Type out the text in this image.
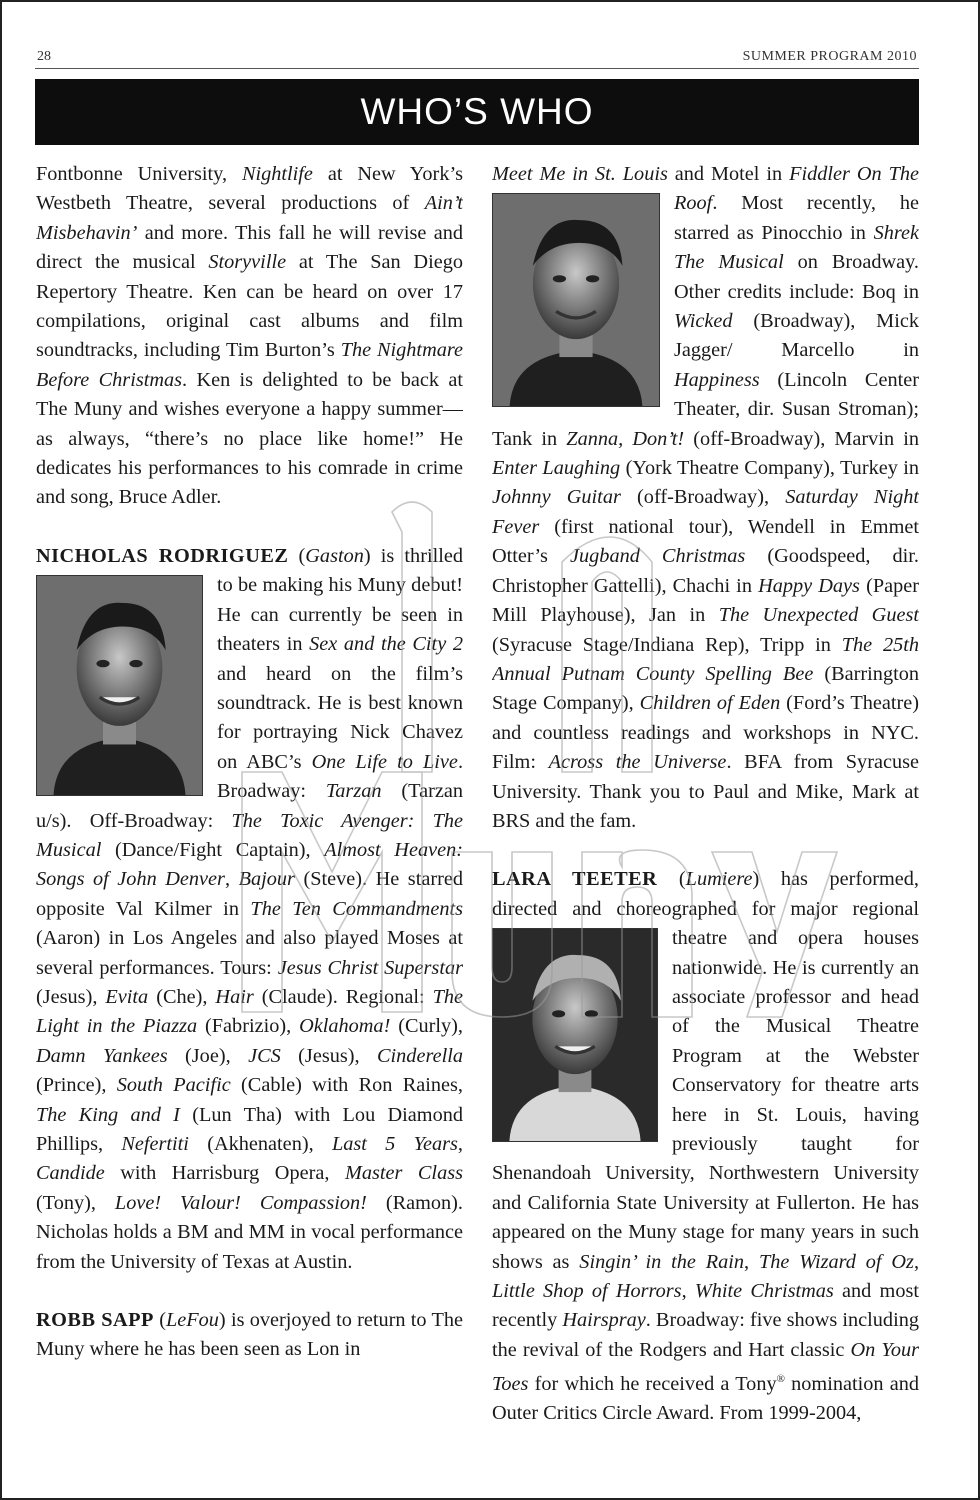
28	SUMMER PROGRAM 2010
WHO’S WHO

Fontbonne University, Nightlife at New York’s Westbeth Theatre, several productions of Ain’t Misbehavin’ and more. This fall he will revise and direct the musical Storyville at The San Diego Repertory Theatre. Ken can be heard on over 17 compilations, original cast albums and film soundtracks, including Tim Burton’s The Nightmare Before Christmas. Ken is delighted to be back at The Muny and wishes everyone a happy summer—as always, “there’s no place like home!” He dedicates his performances to his comrade in crime and song, Bruce Adler.

NICHOLAS RODRIGUEZ (Gaston) is thrilled to be making his Muny debut!
He can currently be seen in theaters in Sex and the City 2 and heard on the film’s soundtrack. He is best known for portraying Nick Chavez on ABC’s One Life to Live. Broadway: Tarzan (Tarzan u/s). Off-Broadway: The Toxic Avenger: The Musical (Dance/Fight Captain), Almost Heaven: Songs of John Denver, Bajour (Steve). He starred opposite Val Kilmer in The Ten Commandments (Aaron) in Los Angeles and also played Moses at several performances. Tours: Jesus Christ Superstar (Jesus), Evita (Che), Hair (Claude). Regional: The Light in the Piazza (Fabrizio), Oklahoma! (Curly), Damn Yankees (Joe), JCS (Jesus), Cinderella (Prince), South Pacific (Cable) with Ron Raines, The King and I (Lun Tha) with Lou Diamond Phillips, Nefertiti (Akhenaten), Last 5 Years, Candide with Harrisburg Opera, Master Class (Tony), Love! Valour! Compassion! (Ramon). Nicholas holds a BM and MM in vocal performance from the University of Texas at Austin.

ROBB SAPP (LeFou) is overjoyed to return to The Muny where he has been seen as Lon in

Meet Me in St. Louis and Motel in Fiddler On The Roof. Most recently, he
starred as Pinocchio in Shrek The Musical on Broadway. Other credits include: Boq in Wicked (Broadway), Mick Jagger/ Marcello in Happiness (Lincoln Center Theater, dir. Susan Stroman); Tank in Zanna, Don’t! (off-Broadway), Marvin in Enter Laughing (York Theatre Company), Turkey in Johnny Guitar (off-Broadway), Saturday Night Fever (first national tour), Wendell in Emmet Otter’s Jugband Christmas (Goodspeed, dir. Christopher Gattelli), Chachi in Happy Days (Paper Mill Playhouse), Jan in The Unexpected Guest (Syracuse Stage/Indiana Rep), Tripp in The 25th Annual Putnam County Spelling Bee (Barrington Stage Company), Children of Eden (Ford’s Theatre) and countless readings and workshops in NYC. Film: Across the Universe. BFA from Syracuse University. Thank you to Paul and Mike, Mark at BRS and the fam.

LARA TEETER (Lumiere) has performed, directed and choreographed for major
regional theatre and opera houses nationwide. He is currently an associate professor and head of the Musical Theatre Program at the Webster Conservatory for theatre arts here in St. Louis, having previously taught for Shenandoah University, Northwestern University and California State University at Fullerton. He has appeared on the Muny stage for many years in such shows as Singin’ in the Rain, The Wizard of Oz, Little Shop of Horrors, White Christmas and most recently Hairspray. Broadway: five shows including the revival of the Rodgers and Hart classic On Your Toes for which he received a Tony® nomination and Outer Critics Circle Award. From 1999-2004,
